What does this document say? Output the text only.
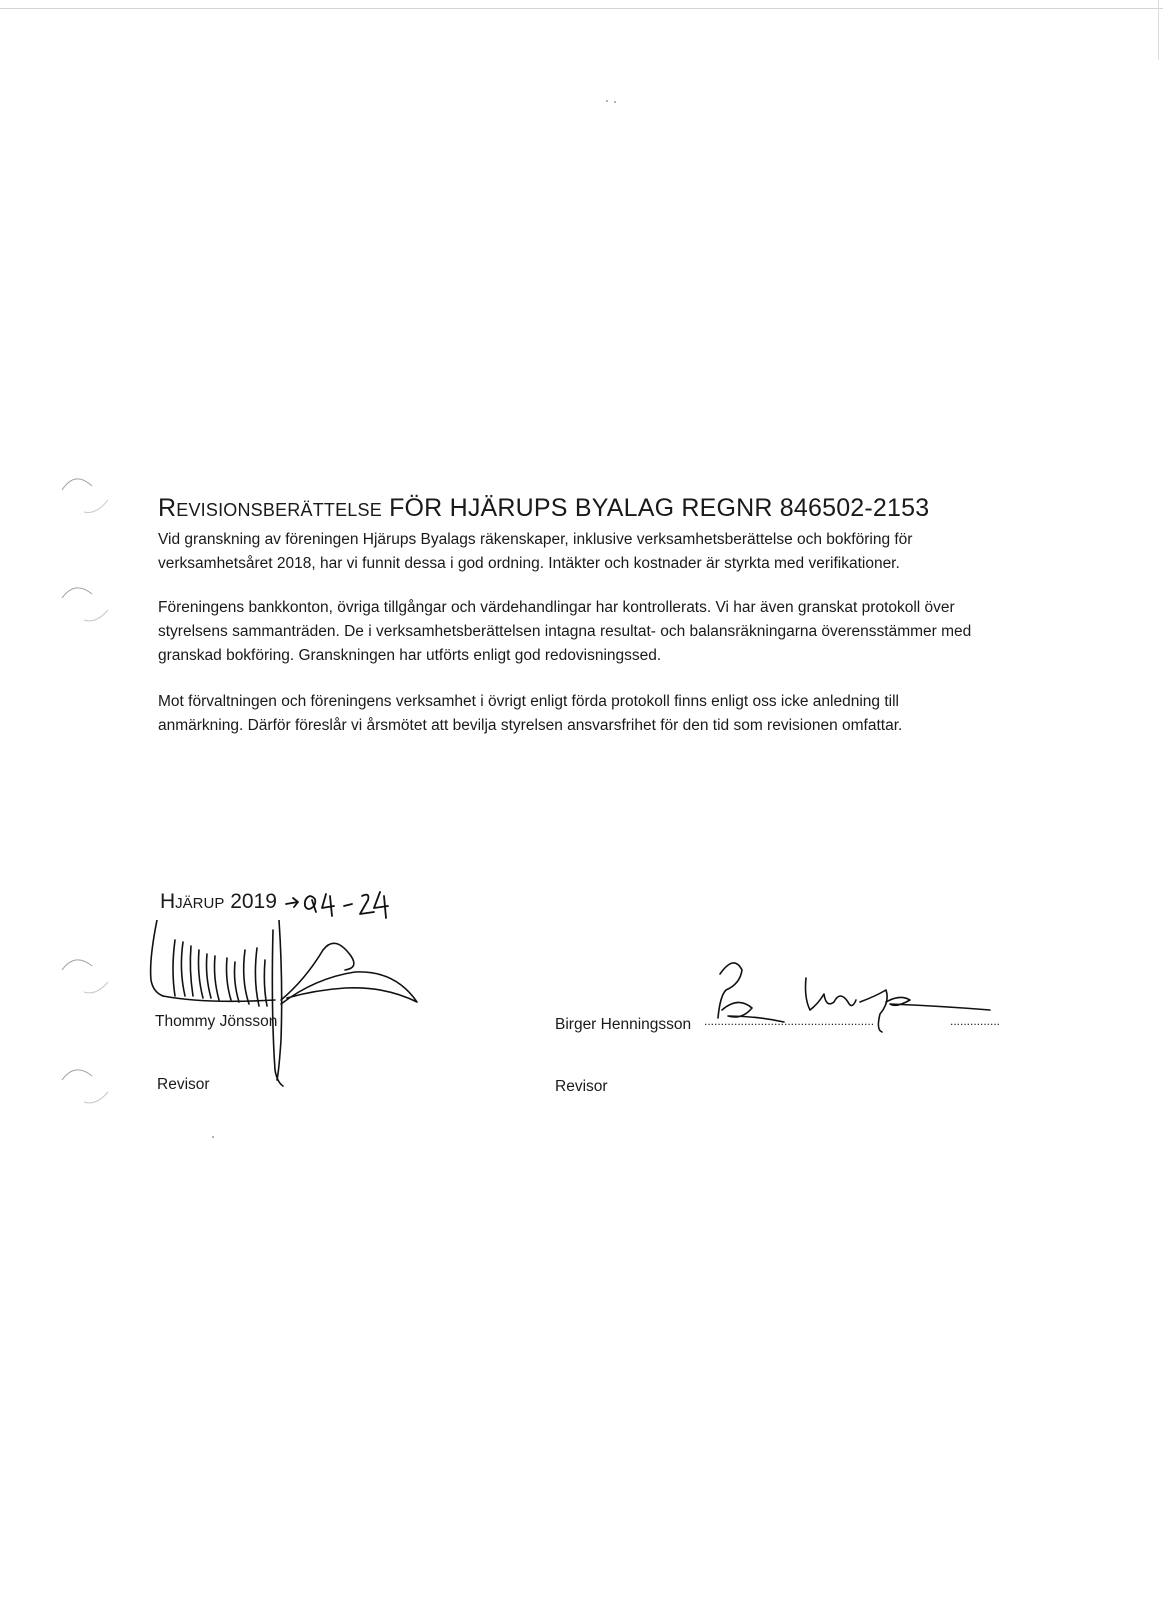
Revisionsberättelse FÖR HJÄRUPS BYALAG REGNR 846502-2153
Vid granskning av föreningen Hjärups Byalags räkenskaper, inklusive verksamhetsberättelse och bokföring för verksamhetsåret 2018, har vi funnit dessa i god ordning. Intäkter och kostnader är styrkta med verifikationer.
Föreningens bankkonton, övriga tillgångar och värdehandlingar har kontrollerats. Vi har även granskat protokoll över styrelsens sammanträden. De i verksamhetsberättelsen intagna resultat- och balansräkningarna överensstämmer med granskad bokföring. Granskningen har utförts enligt god redovisningssed.
Mot förvaltningen och föreningens verksamhet i övrigt enligt förda protokoll finns enligt oss icke anledning till anmärkning. Därför föreslår vi årsmötet att bevilja styrelsen ansvarsfrihet för den tid som revisionen omfattar.
Hjärup 2019
Thommy Jönsson
Revisor
Birger Henningsson ...................................................	...............
Revisor
